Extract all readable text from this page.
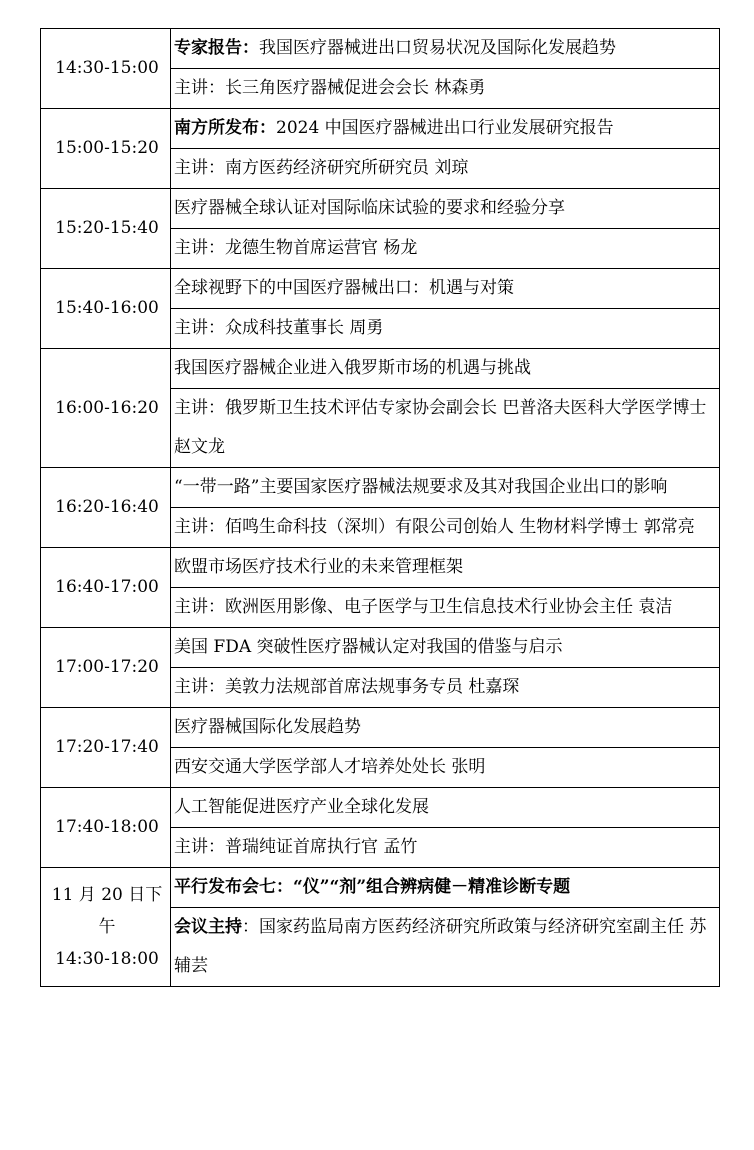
14:30-15:00	专家报告：我国医疗器械进出口贸易状况及国际化发展趋势
	主讲：长三角医疗器械促进会会长 林森勇
15:00-15:20	南方所发布：2024 中国医疗器械进出口行业发展研究报告
	主讲：南方医药经济研究所研究员 刘琼
15:20-15:40	医疗器械全球认证对国际临床试验的要求和经验分享
	主讲：龙德生物首席运营官 杨龙
15:40-16:00	全球视野下的中国医疗器械出口：机遇与对策
	主讲：众成科技董事长 周勇
16:00-16:20	我国医疗器械企业进入俄罗斯市场的机遇与挑战
	主讲：俄罗斯卫生技术评估专家协会副会长 巴普洛夫医科大学医学博士 赵文龙
16:20-16:40	“一带一路”主要国家医疗器械法规要求及其对我国企业出口的影响
	主讲：佰鸣生命科技（深圳）有限公司创始人 生物材料学博士 郭常亮
16:40-17:00	欧盟市场医疗技术行业的未来管理框架
	主讲：欧洲医用影像、电子医学与卫生信息技术行业协会主任 袁洁
17:00-17:20	美国 FDA 突破性医疗器械认定对我国的借鉴与启示
	主讲：美敦力法规部首席法规事务专员 杜嘉琛
17:20-17:40	医疗器械国际化发展趋势
	西安交通大学医学部人才培养处处长 张明
17:40-18:00	人工智能促进医疗产业全球化发展
	主讲：普瑞纯证首席执行官 孟竹

11 月 20 日下午
14:30-18:00	平行发布会七：“仪”“剂”组合辨病健－精准诊断专题
	会议主持：国家药监局南方医药经济研究所政策与经济研究室副主任 苏辅芸
